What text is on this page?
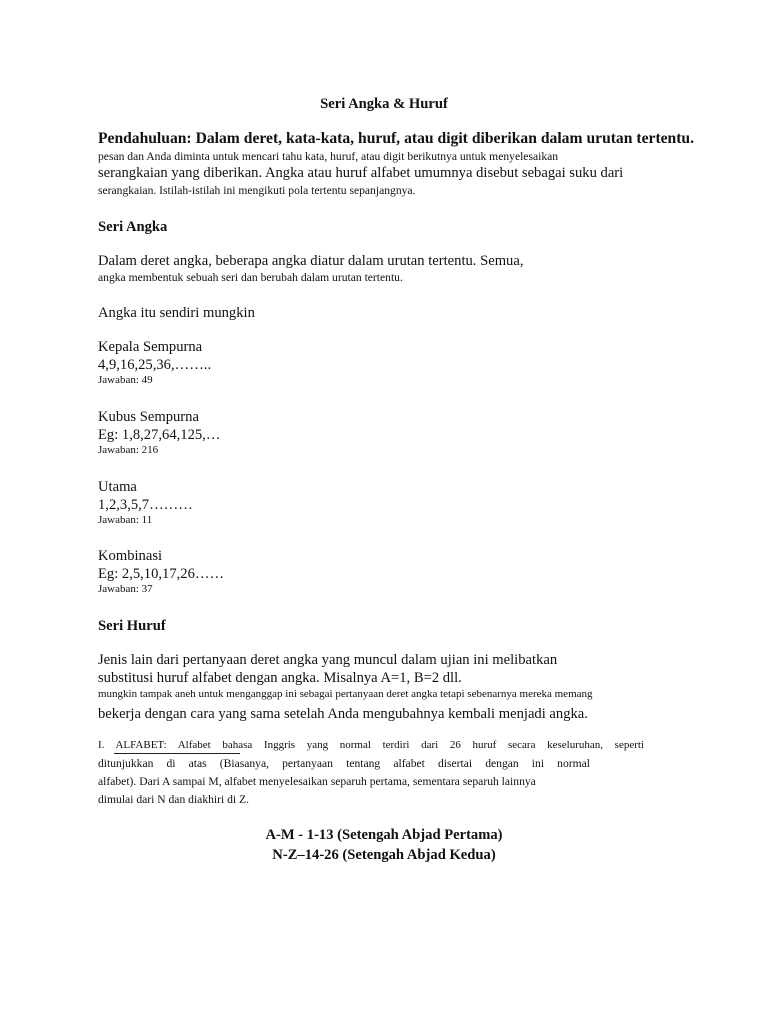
Seri Angka & Huruf
Pendahuluan: Dalam deret, kata-kata, huruf, atau digit diberikan dalam urutan tertentu.
pesan dan Anda diminta untuk mencari tahu kata, huruf, atau digit berikutnya untuk menyelesaikan
serangkaian yang diberikan. Angka atau huruf alfabet umumnya disebut sebagai suku dari
serangkaian. Istilah-istilah ini mengikuti pola tertentu sepanjangnya.
Seri Angka
Dalam deret angka, beberapa angka diatur dalam urutan tertentu. Semua,
angka membentuk sebuah seri dan berubah dalam urutan tertentu.
Angka itu sendiri mungkin
Kepala Sempurna
4,9,16,25,36,……..
Jawaban: 49
Kubus Sempurna
Eg: 1,8,27,64,125,…
Jawaban: 216
Utama
1,2,3,5,7………
Jawaban: 11
Kombinasi
Eg: 2,5,10,17,26……
Jawaban: 37
Seri Huruf
Jenis lain dari pertanyaan deret angka yang muncul dalam ujian ini melibatkan
substitusi huruf alfabet dengan angka. Misalnya A=1, B=2 dll.
mungkin tampak aneh untuk menganggap ini sebagai pertanyaan deret angka tetapi sebenarnya mereka memang
bekerja dengan cara yang sama setelah Anda mengubahnya kembali menjadi angka.
I. ALFABET: Alfabet bahasa Inggris yang normal terdiri dari 26 huruf secara keseluruhan, seperti
ditunjukkan di atas (Biasanya, pertanyaan tentang alfabet disertai dengan ini normal
alfabet). Dari A sampai M, alfabet menyelesaikan separuh pertama, sementara separuh lainnya
dimulai dari N dan diakhiri di Z.
A-M - 1-13 (Setengah Abjad Pertama)
N-Z–14-26 (Setengah Abjad Kedua)
